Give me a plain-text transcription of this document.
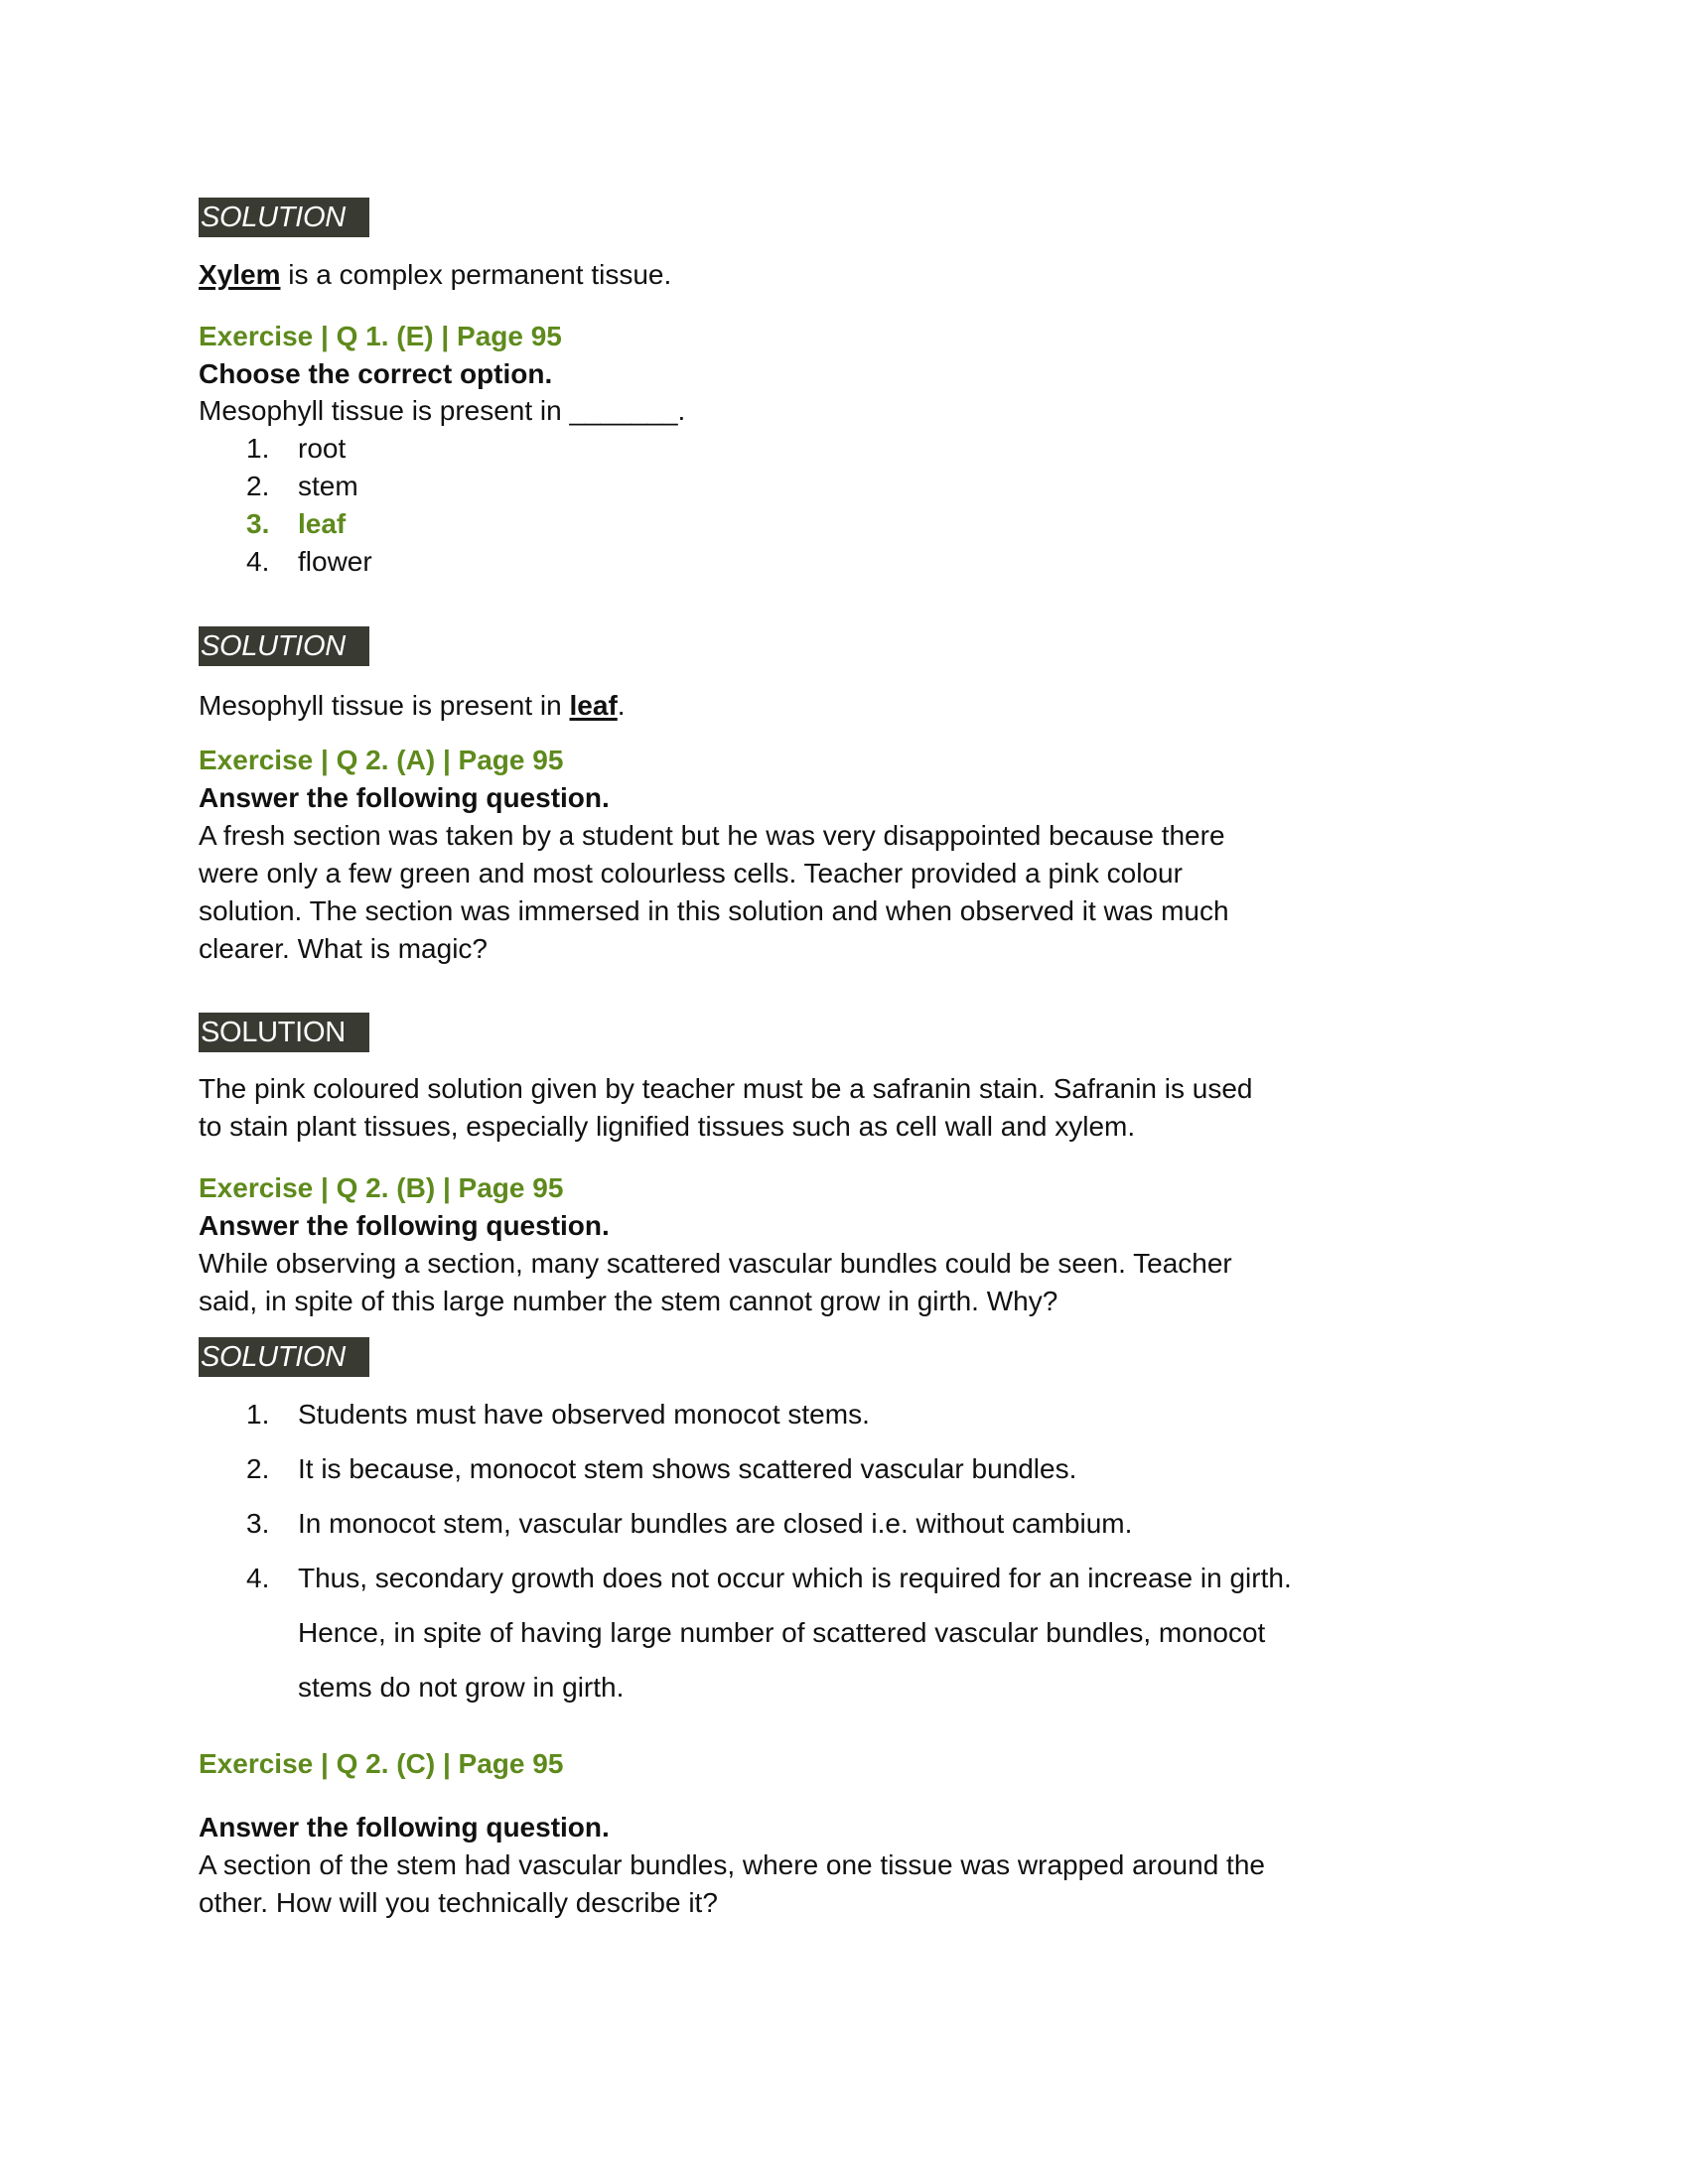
SOLUTION
Xylem is a complex permanent tissue.
Exercise | Q 1. (E) | Page 95
Choose the correct option.
Mesophyll tissue is present in _______.
1. root
2. stem
3. leaf
4. flower
SOLUTION
Mesophyll tissue is present in leaf.
Exercise | Q 2. (A) | Page 95
Answer the following question.
A fresh section was taken by a student but he was very disappointed because there
were only a few green and most colourless cells. Teacher provided a pink colour
solution. The section was immersed in this solution and when observed it was much
clearer. What is magic?
SOLUTION
The pink coloured solution given by teacher must be a safranin stain. Safranin is used
to stain plant tissues, especially lignified tissues such as cell wall and xylem.
Exercise | Q 2. (B) | Page 95
Answer the following question.
While observing a section, many scattered vascular bundles could be seen. Teacher
said, in spite of this large number the stem cannot grow in girth. Why?
SOLUTION
1. Students must have observed monocot stems.
2. It is because, monocot stem shows scattered vascular bundles.
3. In monocot stem, vascular bundles are closed i.e. without cambium.
4. Thus, secondary growth does not occur which is required for an increase in girth.
Hence, in spite of having large number of scattered vascular bundles, monocot
stems do not grow in girth.
Exercise | Q 2. (C) | Page 95
Answer the following question.
A section of the stem had vascular bundles, where one tissue was wrapped around the
other. How will you technically describe it?
